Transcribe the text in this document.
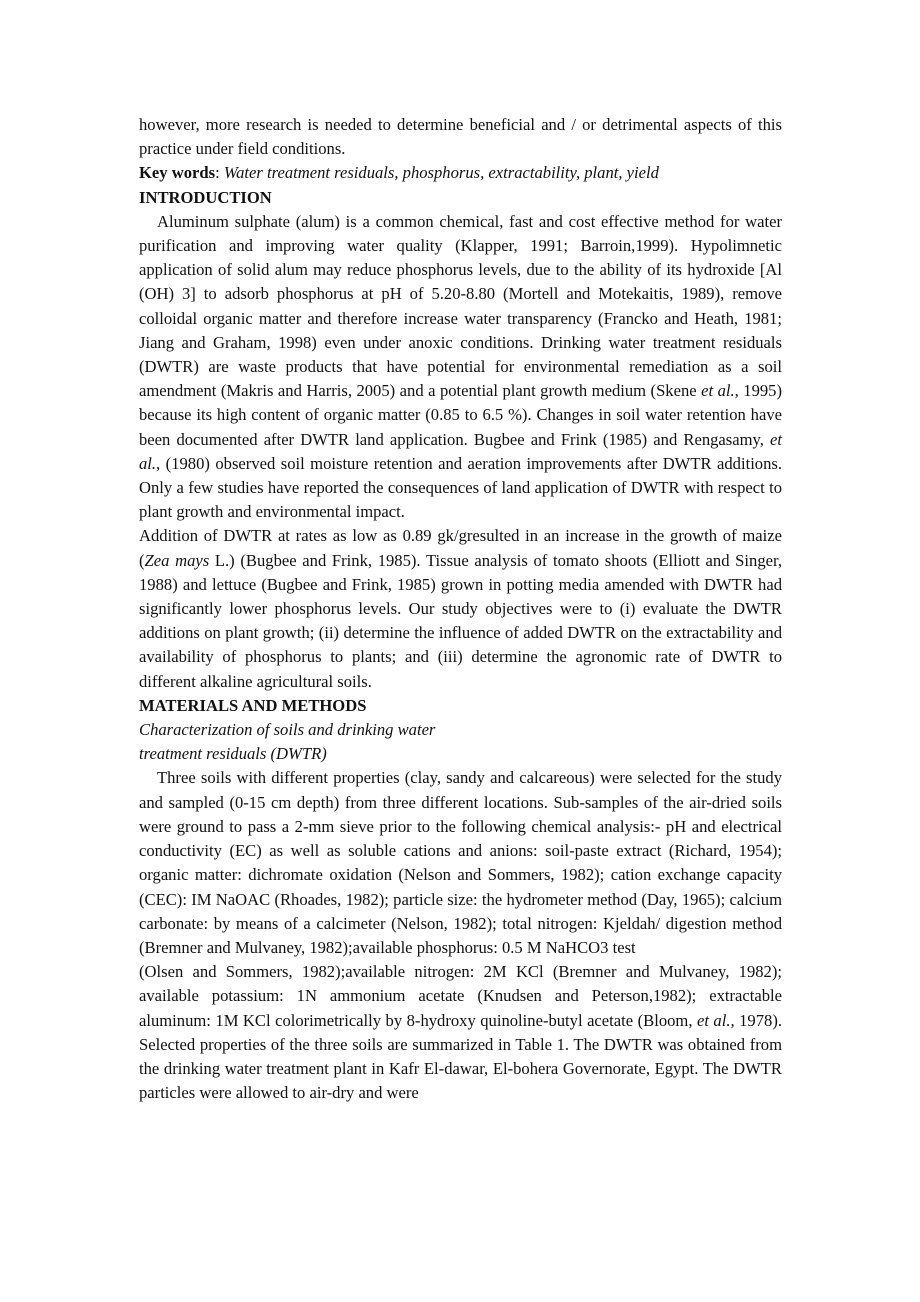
however, more research is needed to determine beneficial and / or detrimental aspects of this practice under field conditions.

Key words: Water treatment residuals, phosphorus, extractability, plant, yield

INTRODUCTION

Aluminum sulphate (alum) is a common chemical, fast and cost effective method for water purification and improving water quality (Klapper, 1991; Barroin,1999). Hypolimnetic application of solid alum may reduce phosphorus levels, due to the ability of its hydroxide [Al (OH) 3] to adsorb phosphorus at pH of 5.20-8.80 (Mortell and Motekaitis, 1989), remove colloidal organic matter and therefore increase water transparency (Francko and Heath, 1981; Jiang and Graham, 1998) even under anoxic conditions. Drinking water treatment residuals (DWTR) are waste products that have potential for environmental remediation as a soil amendment (Makris and Harris, 2005) and a potential plant growth medium (Skene et al., 1995) because its high content of organic matter (0.85 to 6.5 %). Changes in soil water retention have been documented after DWTR land application. Bugbee and Frink (1985) and Rengasamy, et al., (1980) observed soil moisture retention and aeration improvements after DWTR additions. Only a few studies have reported the consequences of land application of DWTR with respect to plant growth and environmental impact.

Addition of DWTR at rates as low as 0.89 gk/gresulted in an increase in the growth of maize (Zea mays L.) (Bugbee and Frink, 1985). Tissue analysis of tomato shoots (Elliott and Singer, 1988) and lettuce (Bugbee and Frink, 1985) grown in potting media amended with DWTR had significantly lower phosphorus levels. Our study objectives were to (i) evaluate the DWTR additions on plant growth; (ii) determine the influence of added DWTR on the extractability and availability of phosphorus to plants; and (iii) determine the agronomic rate of DWTR to different alkaline agricultural soils.

MATERIALS AND METHODS

Characterization of soils and drinking water

treatment residuals (DWTR)

Three soils with different properties (clay, sandy and calcareous) were selected for the study and sampled (0-15 cm depth) from three different locations. Sub-samples of the air-dried soils were ground to pass a 2-mm sieve prior to the following chemical analysis:- pH and electrical conductivity (EC) as well as soluble cations and anions: soil-paste extract (Richard, 1954); organic matter: dichromate oxidation (Nelson and Sommers, 1982); cation exchange capacity (CEC): IM NaOAC (Rhoades, 1982); particle size: the hydrometer method (Day, 1965); calcium carbonate: by means of a calcimeter (Nelson, 1982); total nitrogen: Kjeldah/ digestion method (Bremner and Mulvaney, 1982);available phosphorus: 0.5 M NaHCO3 test

(Olsen and Sommers, 1982);available nitrogen: 2M KCl (Bremner and Mulvaney, 1982); available potassium: 1N ammonium acetate (Knudsen and Peterson,1982); extractable aluminum: 1M KCl colorimetrically by 8-hydroxy quinoline-butyl acetate (Bloom, et al., 1978). Selected properties of the three soils are summarized in Table 1. The DWTR was obtained from the drinking water treatment plant in Kafr El-dawar, El-bohera Governorate, Egypt. The DWTR particles were allowed to air-dry and were
